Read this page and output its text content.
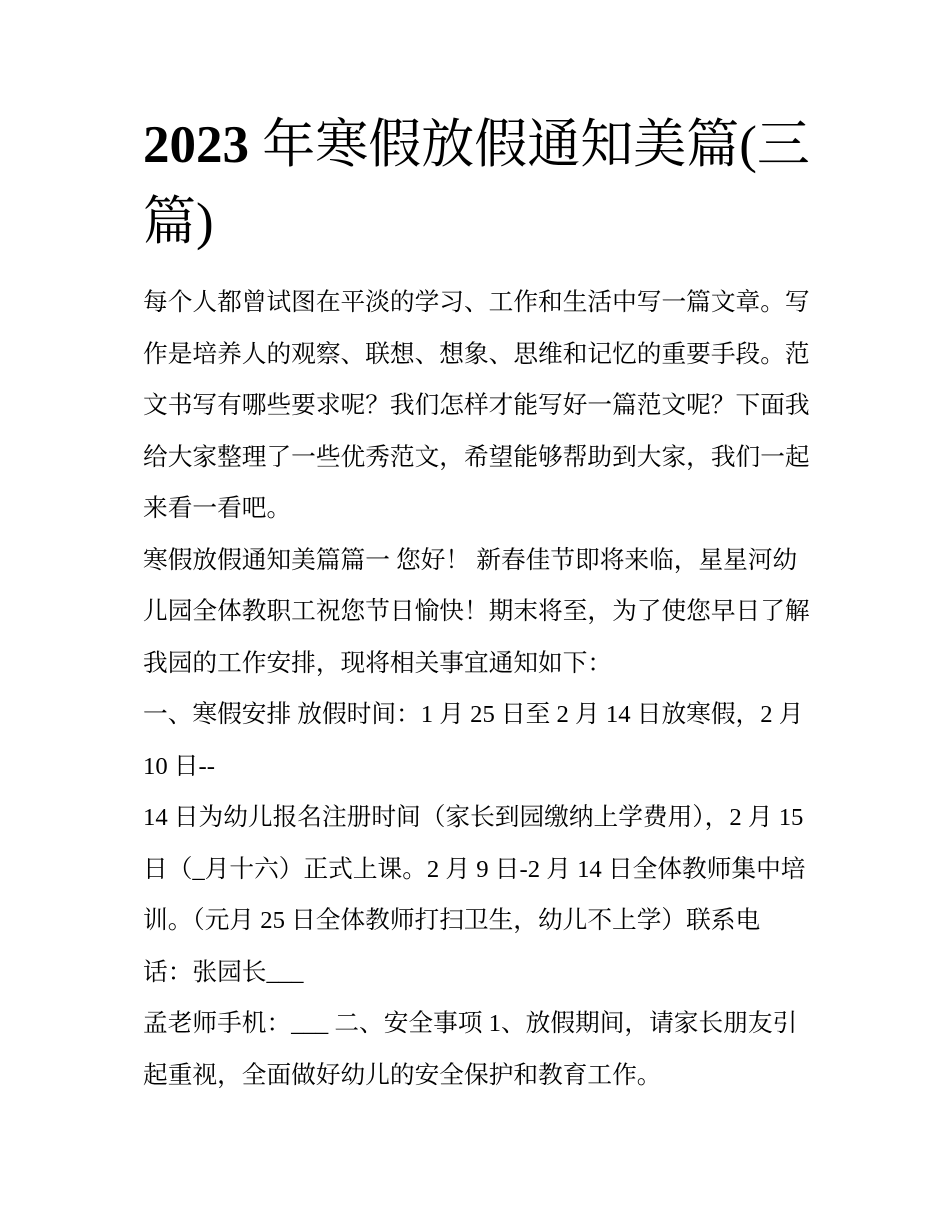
2023 年寒假放假通知美篇(三
篇)
每个人都曾试图在平淡的学习、工作和生活中写一篇文章。写
作是培养人的观察、联想、想象、思维和记忆的重要手段。范
文书写有哪些要求呢？我们怎样才能写好一篇范文呢？下面我
给大家整理了一些优秀范文，希望能够帮助到大家，我们一起
来看一看吧。
寒假放假通知美篇篇一 您好！ 新春佳节即将来临，星星河幼
儿园全体教职工祝您节日愉快！期末将至，为了使您早日了解
我园的工作安排，现将相关事宜通知如下：
一、寒假安排 放假时间：1 月 25 日至 2 月 14 日放寒假，2 月
10 日--
14 日为幼儿报名注册时间（家长到园缴纳上学费用），2 月 15
日（_月十六）正式上课。2 月 9 日-2 月 14 日全体教师集中培
训。（元月 25 日全体教师打扫卫生，幼儿不上学）联系电
话：张园长___
孟老师手机：___ 二、安全事项 1、放假期间，请家长朋友引
起重视，全面做好幼儿的安全保护和教育工作。
